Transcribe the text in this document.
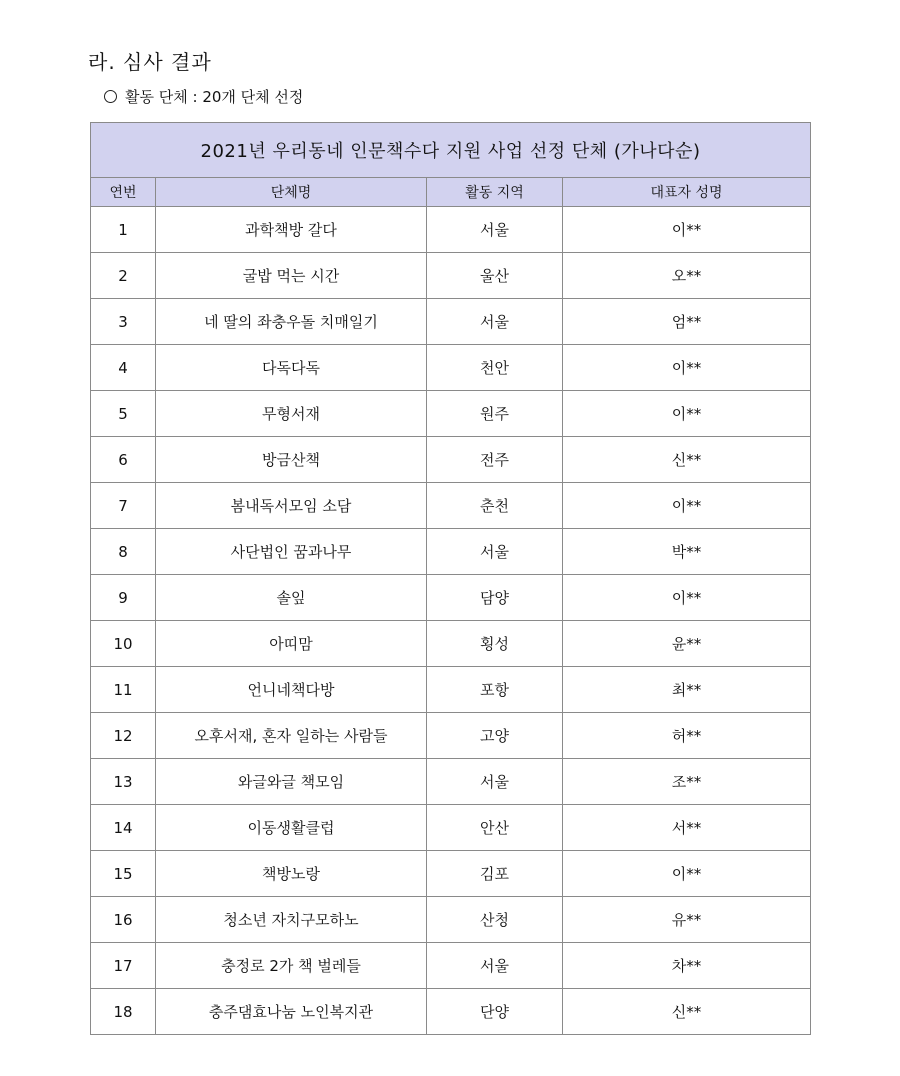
라. 심사 결과
활동 단체 : 20개 단체 선정
2021년 우리동네 인문책수다 지원 사업 선정 단체 (가나다순)			
연번	단체명	활동 지역	대표자 성명
1	과학책방 갈다	서울	이**
2	굴밥 먹는 시간	울산	오**
3	네 딸의 좌충우돌 치매일기	서울	엄**
4	다독다독	천안	이**
5	무형서재	원주	이**
6	방금산책	전주	신**
7	봄내독서모임 소담	춘천	이**
8	사단법인 꿈과나무	서울	박**
9	솔잎	담양	이**
10	아띠맘	횡성	윤**
11	언니네책다방	포항	최**
12	오후서재, 혼자 일하는 사람들	고양	허**
13	와글와글 책모임	서울	조**
14	이동생활클럽	안산	서**
15	책방노랑	김포	이**
16	청소년 자치구모하노	산청	유**
17	충정로 2가 책 벌레들	서울	차**
18	충주댐효나눔 노인복지관	단양	신**
